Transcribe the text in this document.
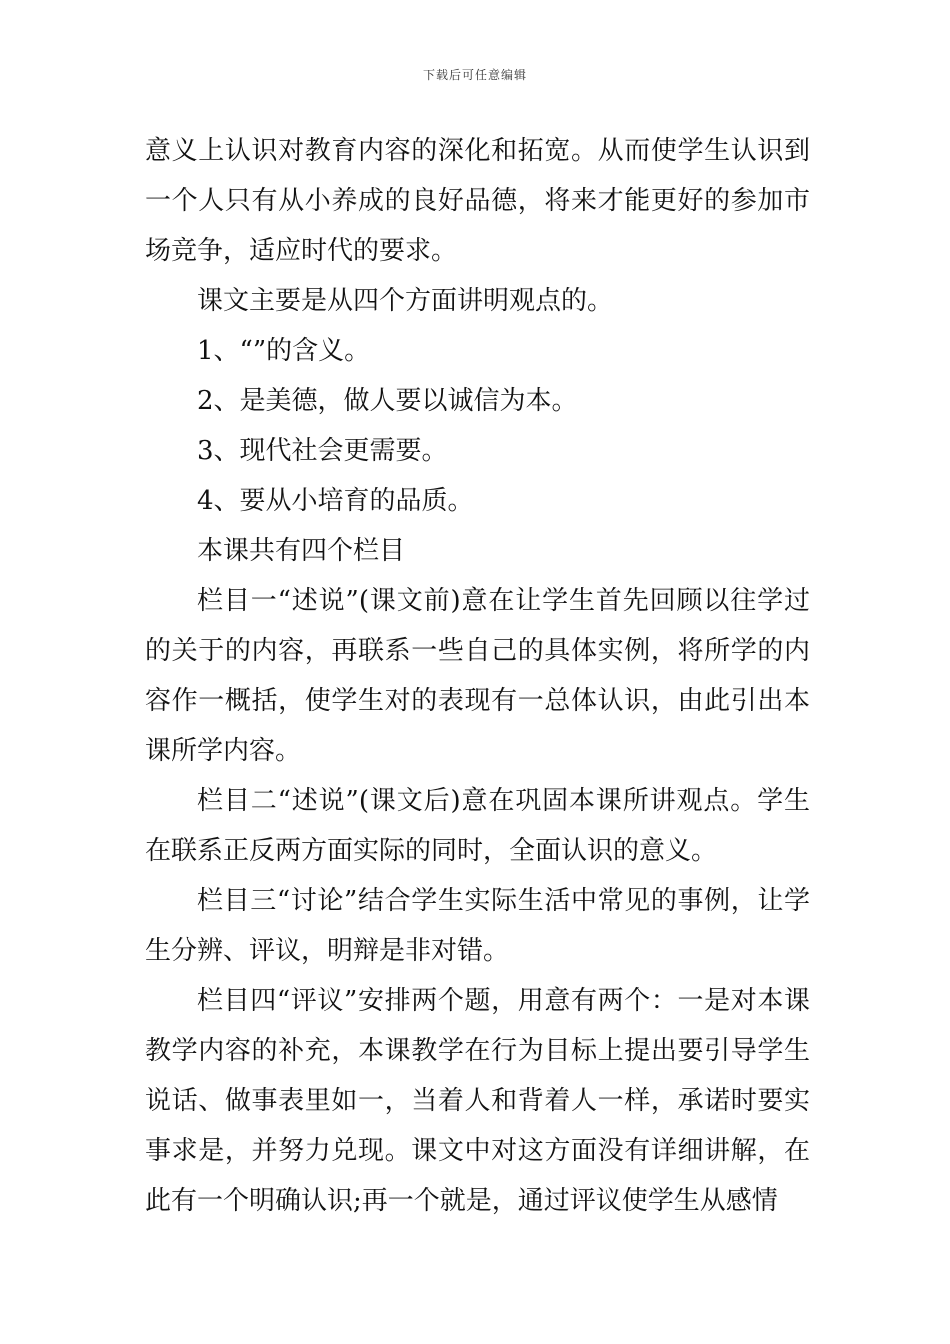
下载后可任意编辑

意义上认识对教育内容的深化和拓宽。从而使学生认识到一个人只有从小养成的良好品德，将来才能更好的参加市场竞争，适应时代的要求。

课文主要是从四个方面讲明观点的。

1、“”的含义。

2、是美德，做人要以诚信为本。

3、现代社会更需要。

4、要从小培育的品质。

本课共有四个栏目

栏目一“述说”(课文前)意在让学生首先回顾以往学过的关于的内容，再联系一些自己的具体实例，将所学的内容作一概括，使学生对的表现有一总体认识，由此引出本课所学内容。

栏目二“述说”(课文后)意在巩固本课所讲观点。学生在联系正反两方面实际的同时，全面认识的意义。

栏目三“讨论”结合学生实际生活中常见的事例，让学生分辨、评议，明辩是非对错。

栏目四“评议”安排两个题，用意有两个：一是对本课教学内容的补充，本课教学在行为目标上提出要引导学生说话、做事表里如一，当着人和背着人一样，承诺时要实事求是，并努力兑现。课文中对这方面没有详细讲解，在此有一个明确认识;再一个就是，通过评议使学生从感情
